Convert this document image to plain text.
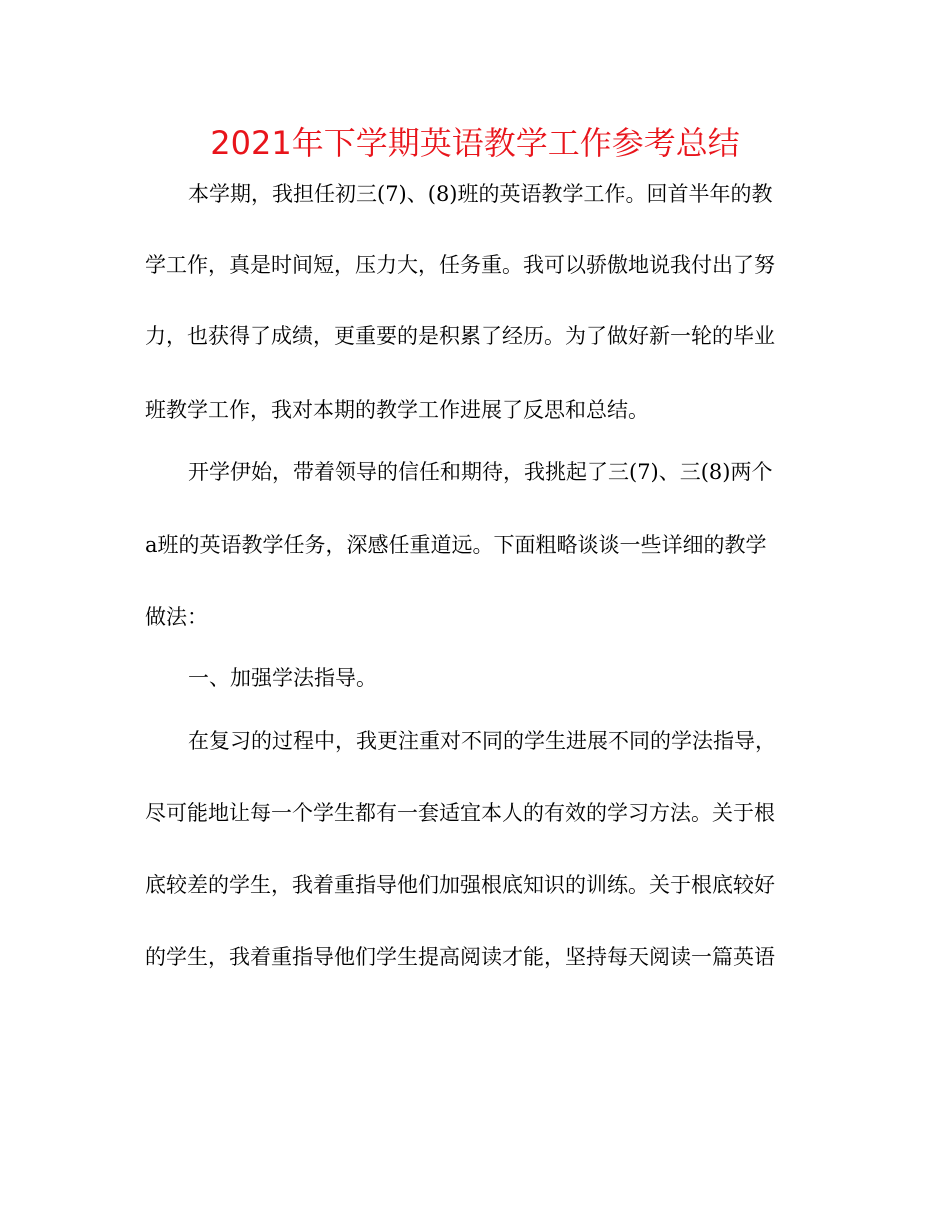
2021年下学期英语教学工作参考总结
本学期，我担任初三(7)、(8)班的英语教学工作。回首半年的教
学工作，真是时间短，压力大，任务重。我可以骄傲地说我付出了努
力，也获得了成绩，更重要的是积累了经历。为了做好新一轮的毕业
班教学工作，我对本期的教学工作进展了反思和总结。
开学伊始，带着领导的信任和期待，我挑起了三(7)、三(8)两个
a班的英语教学任务，深感任重道远。下面粗略谈谈一些详细的教学
做法：
一、加强学法指导。
在复习的过程中，我更注重对不同的学生进展不同的学法指导，
尽可能地让每一个学生都有一套适宜本人的有效的学习方法。关于根
底较差的学生，我着重指导他们加强根底知识的训练。关于根底较好
的学生，我着重指导他们学生提高阅读才能，坚持每天阅读一篇英语
